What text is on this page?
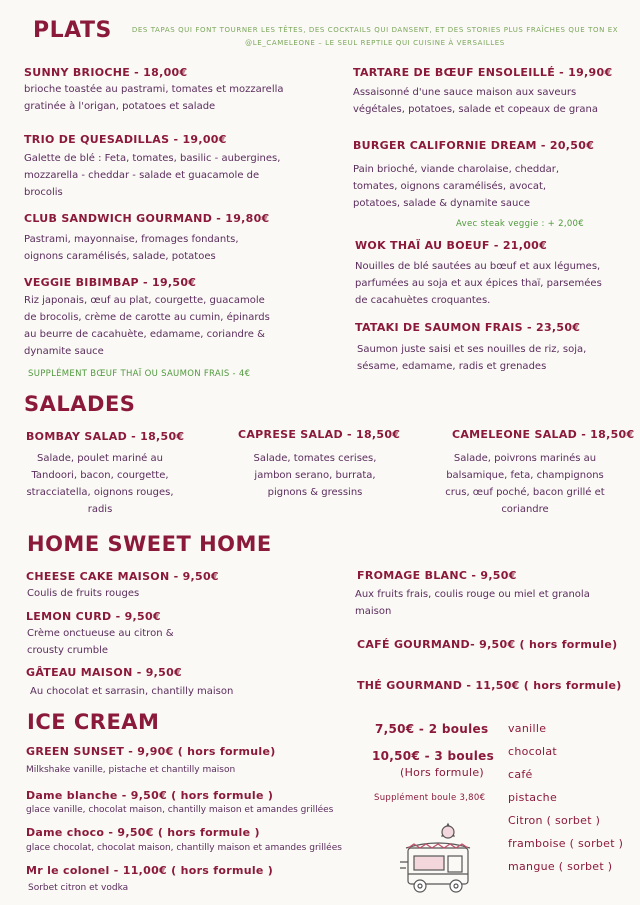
PLATS	DES TAPAS QUI FONT TOURNER LES TÊTES, DES COCKTAILS QUI DANSENT, ET DES STORIES PLUS FRAÎCHES QUE TON EX
@LE_CAMELEONE – LE SEUL REPTILE QUI CUISINE À VERSAILLES
SUNNY BRIOCHE - 18,00€
brioche toastée au pastrami, tomates et mozzarella gratinée à l'origan, potatoes et salade
TRIO DE QUESADILLAS - 19,00€
Galette de blé : Feta, tomates, basilic - aubergines, mozzarella - cheddar - salade et guacamole de brocolis
CLUB SANDWICH GOURMAND - 19,80€
Pastrami, mayonnaise, fromages fondants, oignons caramélisés, salade, potatoes
VEGGIE BIBIMBAP - 19,50€
Riz japonais, œuf au plat, courgette, guacamole de brocolis, crème de carotte au cumin, épinards au beurre de cacahuète, edamame, coriandre & dynamite sauce
SUPPLÉMENT BŒUF THAÏ OU SAUMON FRAIS - 4€
TARTARE DE BŒUF ENSOLEILLÉ - 19,90€
Assaisonné d'une sauce maison aux saveurs végétales, potatoes, salade et copeaux de grana
BURGER CALIFORNIE DREAM - 20,50€
Pain brioché, viande charolaise, cheddar, tomates, oignons caramélisés, avocat, potatoes, salade & dynamite sauce
Avec steak veggie : + 2,00€
WOK THAÏ AU BOEUF - 21,00€
Nouilles de blé sautées au bœuf et aux légumes, parfumées au soja et aux épices thaï, parsemées de cacahuètes croquantes.
TATAKI DE SAUMON FRAIS - 23,50€
Saumon juste saisi et ses nouilles de riz, soja, sésame, edamame, radis et grenades
SALADES
BOMBAY SALAD - 18,50€
Salade, poulet mariné au Tandoori, bacon, courgette, stracciatella, oignons rouges, radis
CAPRESE SALAD - 18,50€
Salade, tomates cerises, jambon serano, burrata, pignons & gressins
CAMELEONE SALAD - 18,50€
Salade, poivrons marinés au balsamique, feta, champignons crus, œuf poché, bacon grillé et coriandre
HOME SWEET HOME
CHEESE CAKE MAISON - 9,50€
Coulis de fruits rouges
LEMON CURD - 9,50€
Crème onctueuse au citron & crousty crumble
GÂTEAU MAISON - 9,50€
Au chocolat et sarrasin, chantilly maison
FROMAGE BLANC - 9,50€
Aux fruits frais, coulis rouge ou miel et granola maison
CAFÉ GOURMAND- 9,50€ ( hors formule)
THÉ GOURMAND - 11,50€ ( hors formule)
ICE CREAM
GREEN SUNSET - 9,90€ ( hors formule)
Milkshake vanille, pistache et chantilly maison
Dame blanche - 9,50€ ( hors formule )
glace vanille, chocolat maison, chantilly maison et amandes grillées
Dame choco - 9,50€ ( hors formule )
glace chocolat, chocolat maison, chantilly maison et amandes grillées
Mr le colonel - 11,00€ ( hors formule )
Sorbet citron et vodka
7,50€ - 2 boules
10,50€ - 3 boules
(Hors formule)
Supplément boule 3,80€
vanille
chocolat
café
pistache
Citron ( sorbet )
framboise ( sorbet )
mangue ( sorbet )
